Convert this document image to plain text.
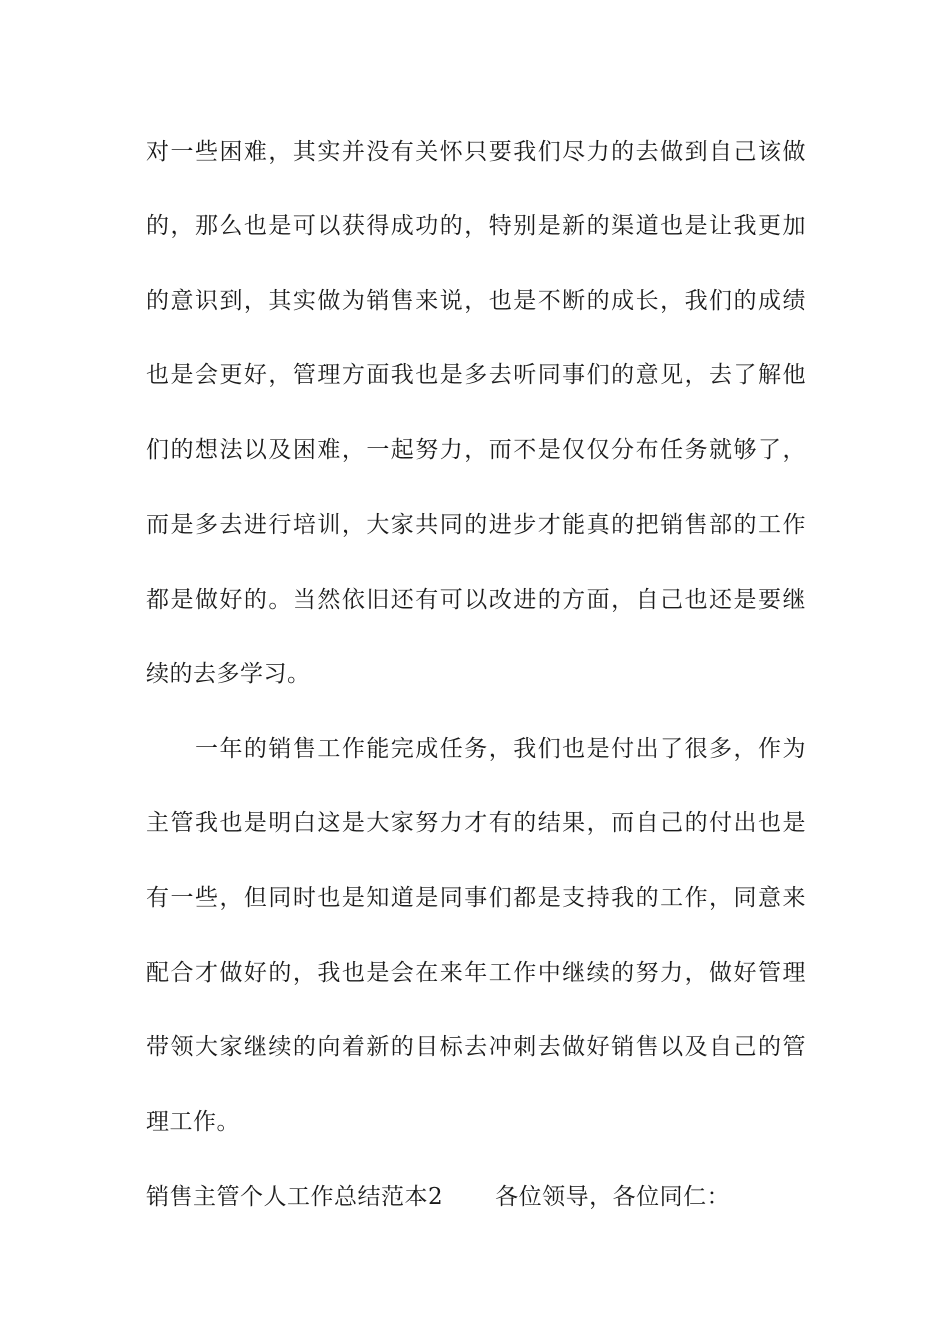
对一些困难，其实并没有关怀只要我们尽力的去做到自己该做
的，那么也是可以获得成功的，特别是新的渠道也是让我更加
的意识到，其实做为销售来说，也是不断的成长，我们的成绩
也是会更好，管理方面我也是多去听同事们的意见，去了解他
们的想法以及困难，一起努力，而不是仅仅分布任务就够了，
而是多去进行培训，大家共同的进步才能真的把销售部的工作
都是做好的。当然依旧还有可以改进的方面，自己也还是要继
续的去多学习。
　　一年的销售工作能完成任务，我们也是付出了很多，作为
主管我也是明白这是大家努力才有的结果，而自己的付出也是
有一些，但同时也是知道是同事们都是支持我的工作，同意来
配合才做好的，我也是会在来年工作中继续的努力，做好管理
带领大家继续的向着新的目标去冲刺去做好销售以及自己的管
理工作。
销售主管个人工作总结范本2 各位领导，各位同仁：
